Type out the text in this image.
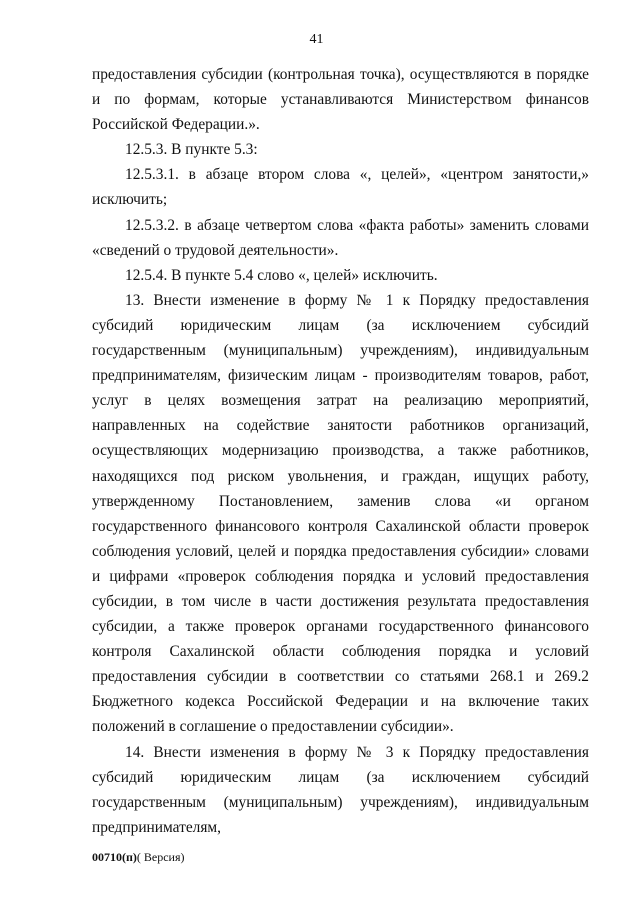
41

предоставления субсидии (контрольная точка), осуществляются в порядке и по формам, которые устанавливаются Министерством финансов Российской Федерации.».

12.5.3. В пункте 5.3:

12.5.3.1. в абзаце втором слова «, целей», «центром занятости,» исключить;

12.5.3.2. в абзаце четвертом слова «факта работы» заменить словами «сведений о трудовой деятельности».

12.5.4. В пункте 5.4 слово «, целей» исключить.

13. Внести изменение в форму № 1 к Порядку предоставления субсидий юридическим лицам (за исключением субсидий государственным (муниципальным) учреждениям), индивидуальным предпринимателям, физическим лицам - производителям товаров, работ, услуг в целях возмещения затрат на реализацию мероприятий, направленных на содействие занятости работников организаций, осуществляющих модернизацию производства, а также работников, находящихся под риском увольнения, и граждан, ищущих работу, утвержденному Постановлением, заменив слова «и органом государственного финансового контроля Сахалинской области проверок соблюдения условий, целей и порядка предоставления субсидии» словами и цифрами «проверок соблюдения порядка и условий предоставления субсидии, в том числе в части достижения результата предоставления субсидии, а также проверок органами государственного финансового контроля Сахалинской области соблюдения порядка и условий предоставления субсидии в соответствии со статьями 268.1 и 269.2 Бюджетного кодекса Российской Федерации и на включение таких положений в соглашение о предоставлении субсидии».

14. Внести изменения в форму № 3 к Порядку предоставления субсидий юридическим лицам (за исключением субсидий государственным (муниципальным) учреждениям), индивидуальным предпринимателям,

00710(п)( Версия)
